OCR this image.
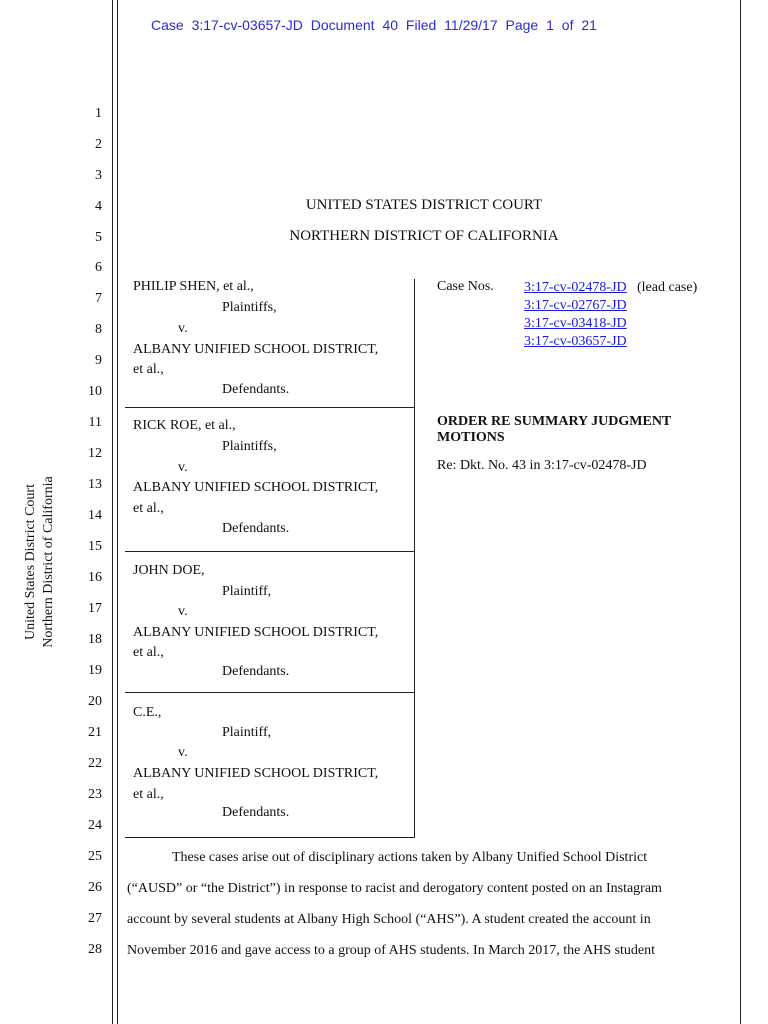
Case 3:17-cv-03657-JD Document 40 Filed 11/29/17 Page 1 of 21
United States District Court Northern District of California
1
2
3
4
5
6
7
8
9
10
11
12
13
14
15
16
17
18
19
20
21
22
23
24
25
26
27
28
UNITED STATES DISTRICT COURT
NORTHERN DISTRICT OF CALIFORNIA
PHILIP SHEN, et al.,
Plaintiffs,
v.
ALBANY UNIFIED SCHOOL DISTRICT,
et al.,
Defendants.
RICK ROE, et al.,
Plaintiffs,
v.
ALBANY UNIFIED SCHOOL DISTRICT,
et al.,
Defendants.
JOHN DOE,
Plaintiff,
v.
ALBANY UNIFIED SCHOOL DISTRICT,
et al.,
Defendants.
C.E.,
Plaintiff,
v.
ALBANY UNIFIED SCHOOL DISTRICT,
et al.,
Defendants.
Case Nos. 3:17-cv-02478-JD (lead case)
3:17-cv-02767-JD
3:17-cv-03418-JD
3:17-cv-03657-JD
ORDER RE SUMMARY JUDGMENT MOTIONS
Re: Dkt. No. 43 in 3:17-cv-02478-JD
These cases arise out of disciplinary actions taken by Albany Unified School District
(“AUSD” or “the District”) in response to racist and derogatory content posted on an Instagram
account by several students at Albany High School (“AHS”). A student created the account in
November 2016 and gave access to a group of AHS students. In March 2017, the AHS student
